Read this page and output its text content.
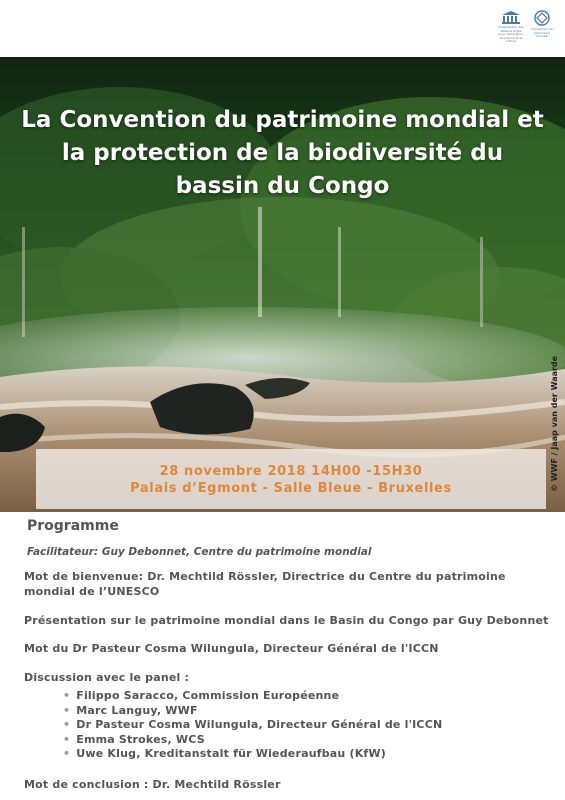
Organisation des Nations Unies pour l'éducation, la science et la culture
Convention du patrimoine mondial
La Convention du patrimoine mondial et la protection de la biodiversité du bassin du Congo
28 novembre 2018 14H00 -15H30
Palais d’Egmont - Salle Bleue - Bruxelles	© WWF / Jaap van der Waarde
Programme
Facilitateur: Guy Debonnet, Centre du patrimoine mondial
Mot de bienvenue: Dr. Mechtild Rössler, Directrice du Centre du patrimoine mondial de l’UNESCO
Présentation sur le patrimoine mondial dans le Basin du Congo par Guy Debonnet
Mot du Dr Pasteur Cosma Wilungula, Directeur Général de l'ICCN
Discussion avec le panel :
• Filippo Saracco, Commission Européenne
• Marc Languy, WWF
• Dr Pasteur Cosma Wilungula, Directeur Général de l'ICCN
• Emma Strokes, WCS
• Uwe Klug, Kreditanstalt für Wiederaufbau (KfW)
Mot de conclusion : Dr. Mechtild Rössler
